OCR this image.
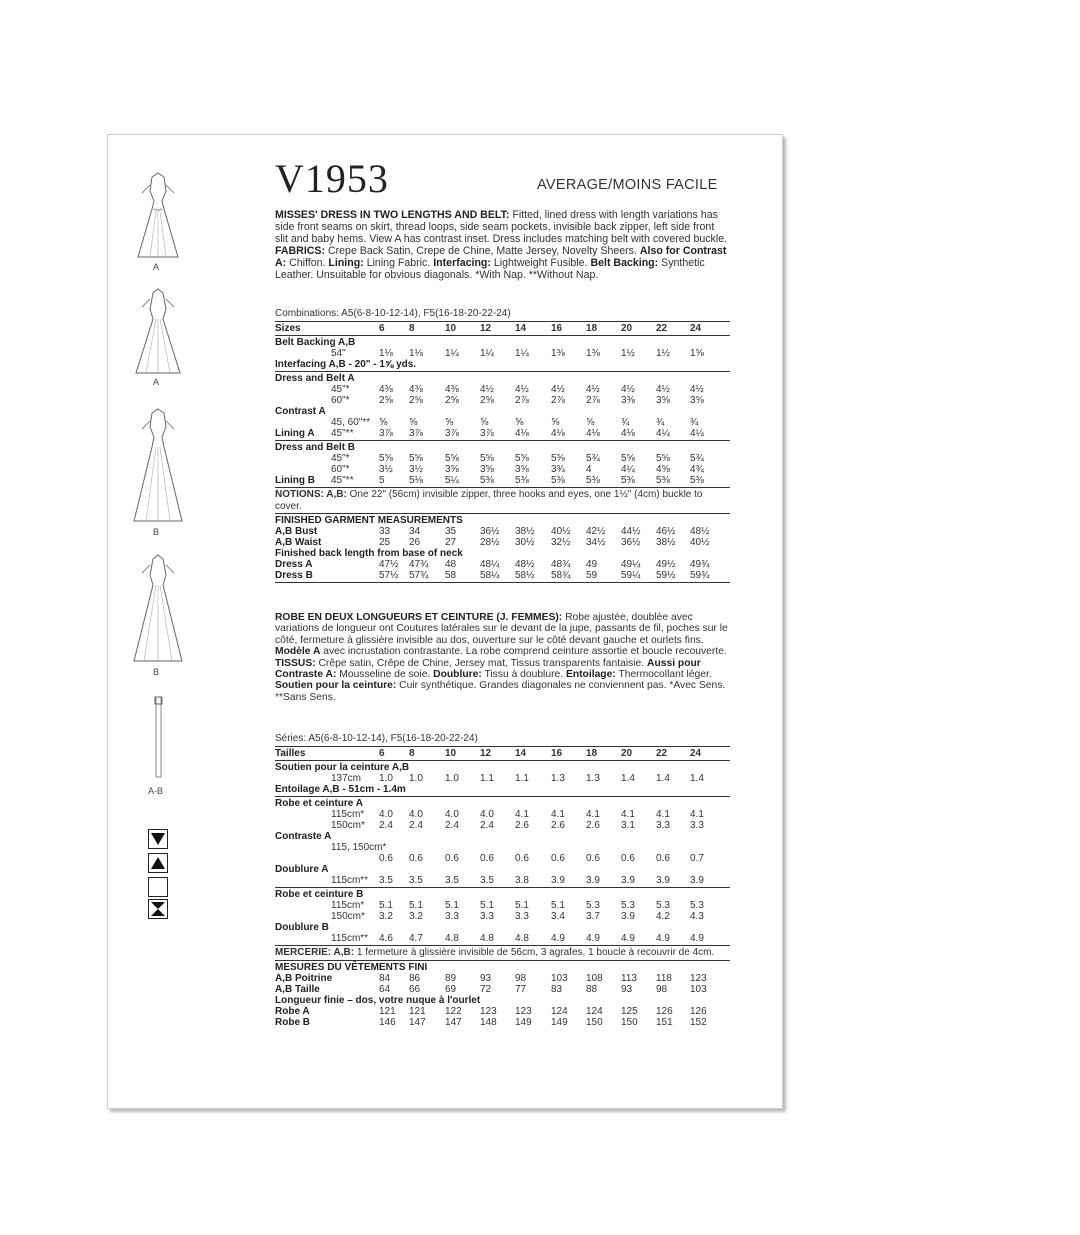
A
A
B
B
A-B
V1953	AVERAGE/MOINS FACILE
MISSES' DRESS IN TWO LENGTHS AND BELT: Fitted, lined dress with length variations has side front seams on skirt, thread loops, side seam pockets, invisible back zipper, left side front slit and baby hems. View A has contrast inset. Dress includes matching belt with covered buckle. FABRICS: Crepe Back Satin, Crepe de Chine, Matte Jersey, Novelty Sheers. Also for Contrast A: Chiffon. Lining: Lining Fabric. Interfacing: Lightweight Fusible. Belt Backing: Synthetic Leather. Unsuitable for obvious diagonals. *With Nap. **Without Nap.
Combinations: A5(6-8-10-12-14), F5(16-18-20-22-24)
Sizes	6	8	10	12	14	16	18	20	22	24
Belt Backing A,B
54"	1⅛	1⅛	1¼	1¼	1¼	1⅜	1⅜	1½	1½	1⅝
Interfacing A,B - 20" - 1⅝ yds.
Dress and Belt A
45"*	4⅜	4⅜	4⅜	4½	4½	4½	4½	4½	4½	4½
60"*	2⅝	2⅝	2⅝	2⅝	2⅞	2⅞	2⅞	3⅜	3⅝	3⅝
Contrast A
45, 60"** ⅝	⅝	⅝	⅝	⅝	⅝	⅝	¾	¾	¾
Lining A 45"**	3⅞	3⅞	3⅞	3⅞	4⅛	4⅛	4⅛	4⅛	4¼	4¼
Dress and Belt B
45"*	5⅝	5⅝	5⅝	5⅝	5⅝	5⅝	5¾	5⅝	5⅝	5¾
60"*	3½	3½	3⅝	3⅝	3⅝	3¾	4	4¼	4⅝	4¾
Lining B 45"**	5	5⅛	5¼	5⅜	5⅜	5⅜	5⅜	5⅜	5⅜	5⅜
NOTIONS: A,B: One 22" (56cm) invisible zipper, three hooks and eyes, one 1½" (4cm) buckle to cover.
FINISHED GARMENT MEASUREMENTS
A,B Bust	33	34	35	36½	38½	40½	42½	44½	46½	48½
A,B Waist	25	26	27	28½	30½	32½	34½	36½	38½	40½
Finished back length from base of neck
Dress A	47½	47¾	48	48¼	48½	48¾	49	49¼	49½	49¾
Dress B	57½	57¾	58	58¼	58½	58¾	59	59¼	59½	59¾
ROBE EN DEUX LONGUEURS ET CEINTURE (J. FEMMES): Robe ajustée, doublée avec variations de longueur ont Coutures latérales sur le devant de la jupe, passants de fil, poches sur le côté, fermeture à glissière invisible au dos, ouverture sur le côté devant gauche et ourlets fins. Modèle A avec incrustation contrastante. La robe comprend ceinture assortie et boucle recouverte. TISSUS: Crêpe satin, Crêpe de Chine, Jersey mat, Tissus transparents fantaisie. Aussi pour Contraste A: Mousseline de soie. Doublure: Tissu à doublure. Entoilage: Thermocollant léger. Soutien pour la ceinture: Cuir synthétique. Grandes diagonales ne conviennent pas. *Avec Sens. **Sans Sens.
Séries: A5(6-8-10-12-14), F5(16-18-20-22-24)
Tailles	6	8	10	12	14	16	18	20	22	24
Soutien pour la ceinture A,B
137cm 1.0	1.0	1.0	1.1	1.1	1.3	1.3	1.4	1.4	1.4
Entoilage A,B - 51cm - 1.4m
Robe et ceinture A
115cm* 4.0	4.0	4.0	4.0	4.1	4.1	4.1	4.1	4.1	4.1
150cm* 2.4	2.4	2.4	2.4	2.6	2.6	2.6	3.1	3.3	3.3
Contraste A
115, 150cm*
0.6	0.6	0.6	0.6	0.6	0.6	0.6	0.6	0.6	0.7
Doublure A
115cm** 3.5	3.5	3.5	3.5	3.8	3.9	3.9	3.9	3.9	3.9
Robe et ceinture B
115cm* 5.1	5.1	5.1	5.1	5.1	5.1	5.3	5.3	5.3	5.3
150cm* 3.2	3.2	3.3	3.3	3.3	3.4	3.7	3.9	4.2	4.3
Doublure B
115cm** 4.6	4.7	4.8	4.8	4.8	4.9	4.9	4.9	4.9	4.9
MERCERIE: A,B: 1 fermeture à glissière invisible de 56cm, 3 agrafes, 1 boucle à recouvrir de 4cm.
MESURES DU VÊTEMENTS FINI
A,B Poitrine	84	86	89	93	98	103	108	113	118	123
A,B Taille	64	66	69	72	77	83	88	93	98	103
Longueur finie – dos, votre nuque à l'ourlet
Robe A	121	121	122	123	123	124	124	125	126	126
Robe B	146	147	147	148	149	149	150	150	151	152
